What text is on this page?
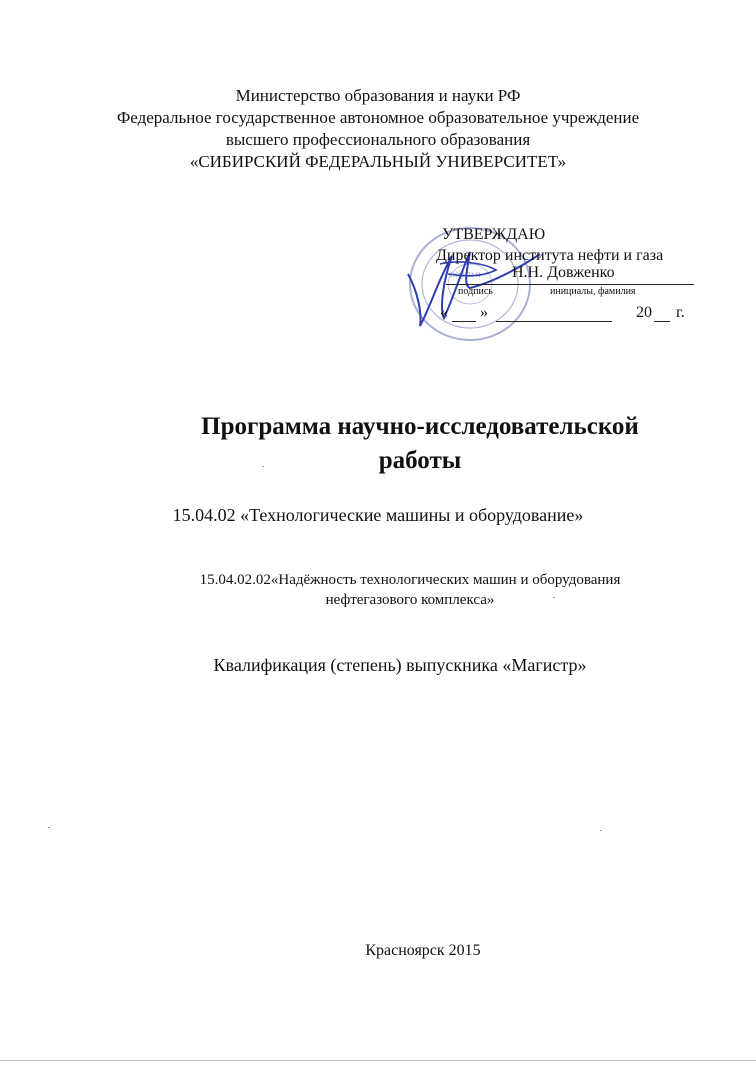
Министерство образования и науки РФ
Федеральное государственное автономное образовательное учреждение
высшего профессионального образования
«СИБИРСКИЙ ФЕДЕРАЛЬНЫЙ УНИВЕРСИТЕТ»
нефти и
УТВЕРЖДАЮ
Директор института нефти и газа
Н.Н. Довженко
подпись	инициалы, фамилия
« »	20 г.
Программа научно-исследовательской
работы
15.04.02 «Технологические машины и оборудование»
15.04.02.02«Надёжность технологических машин и оборудования
нефтегазового комплекса»
Квалификация (степень) выпускника «Магистр»
Красноярск 2015
